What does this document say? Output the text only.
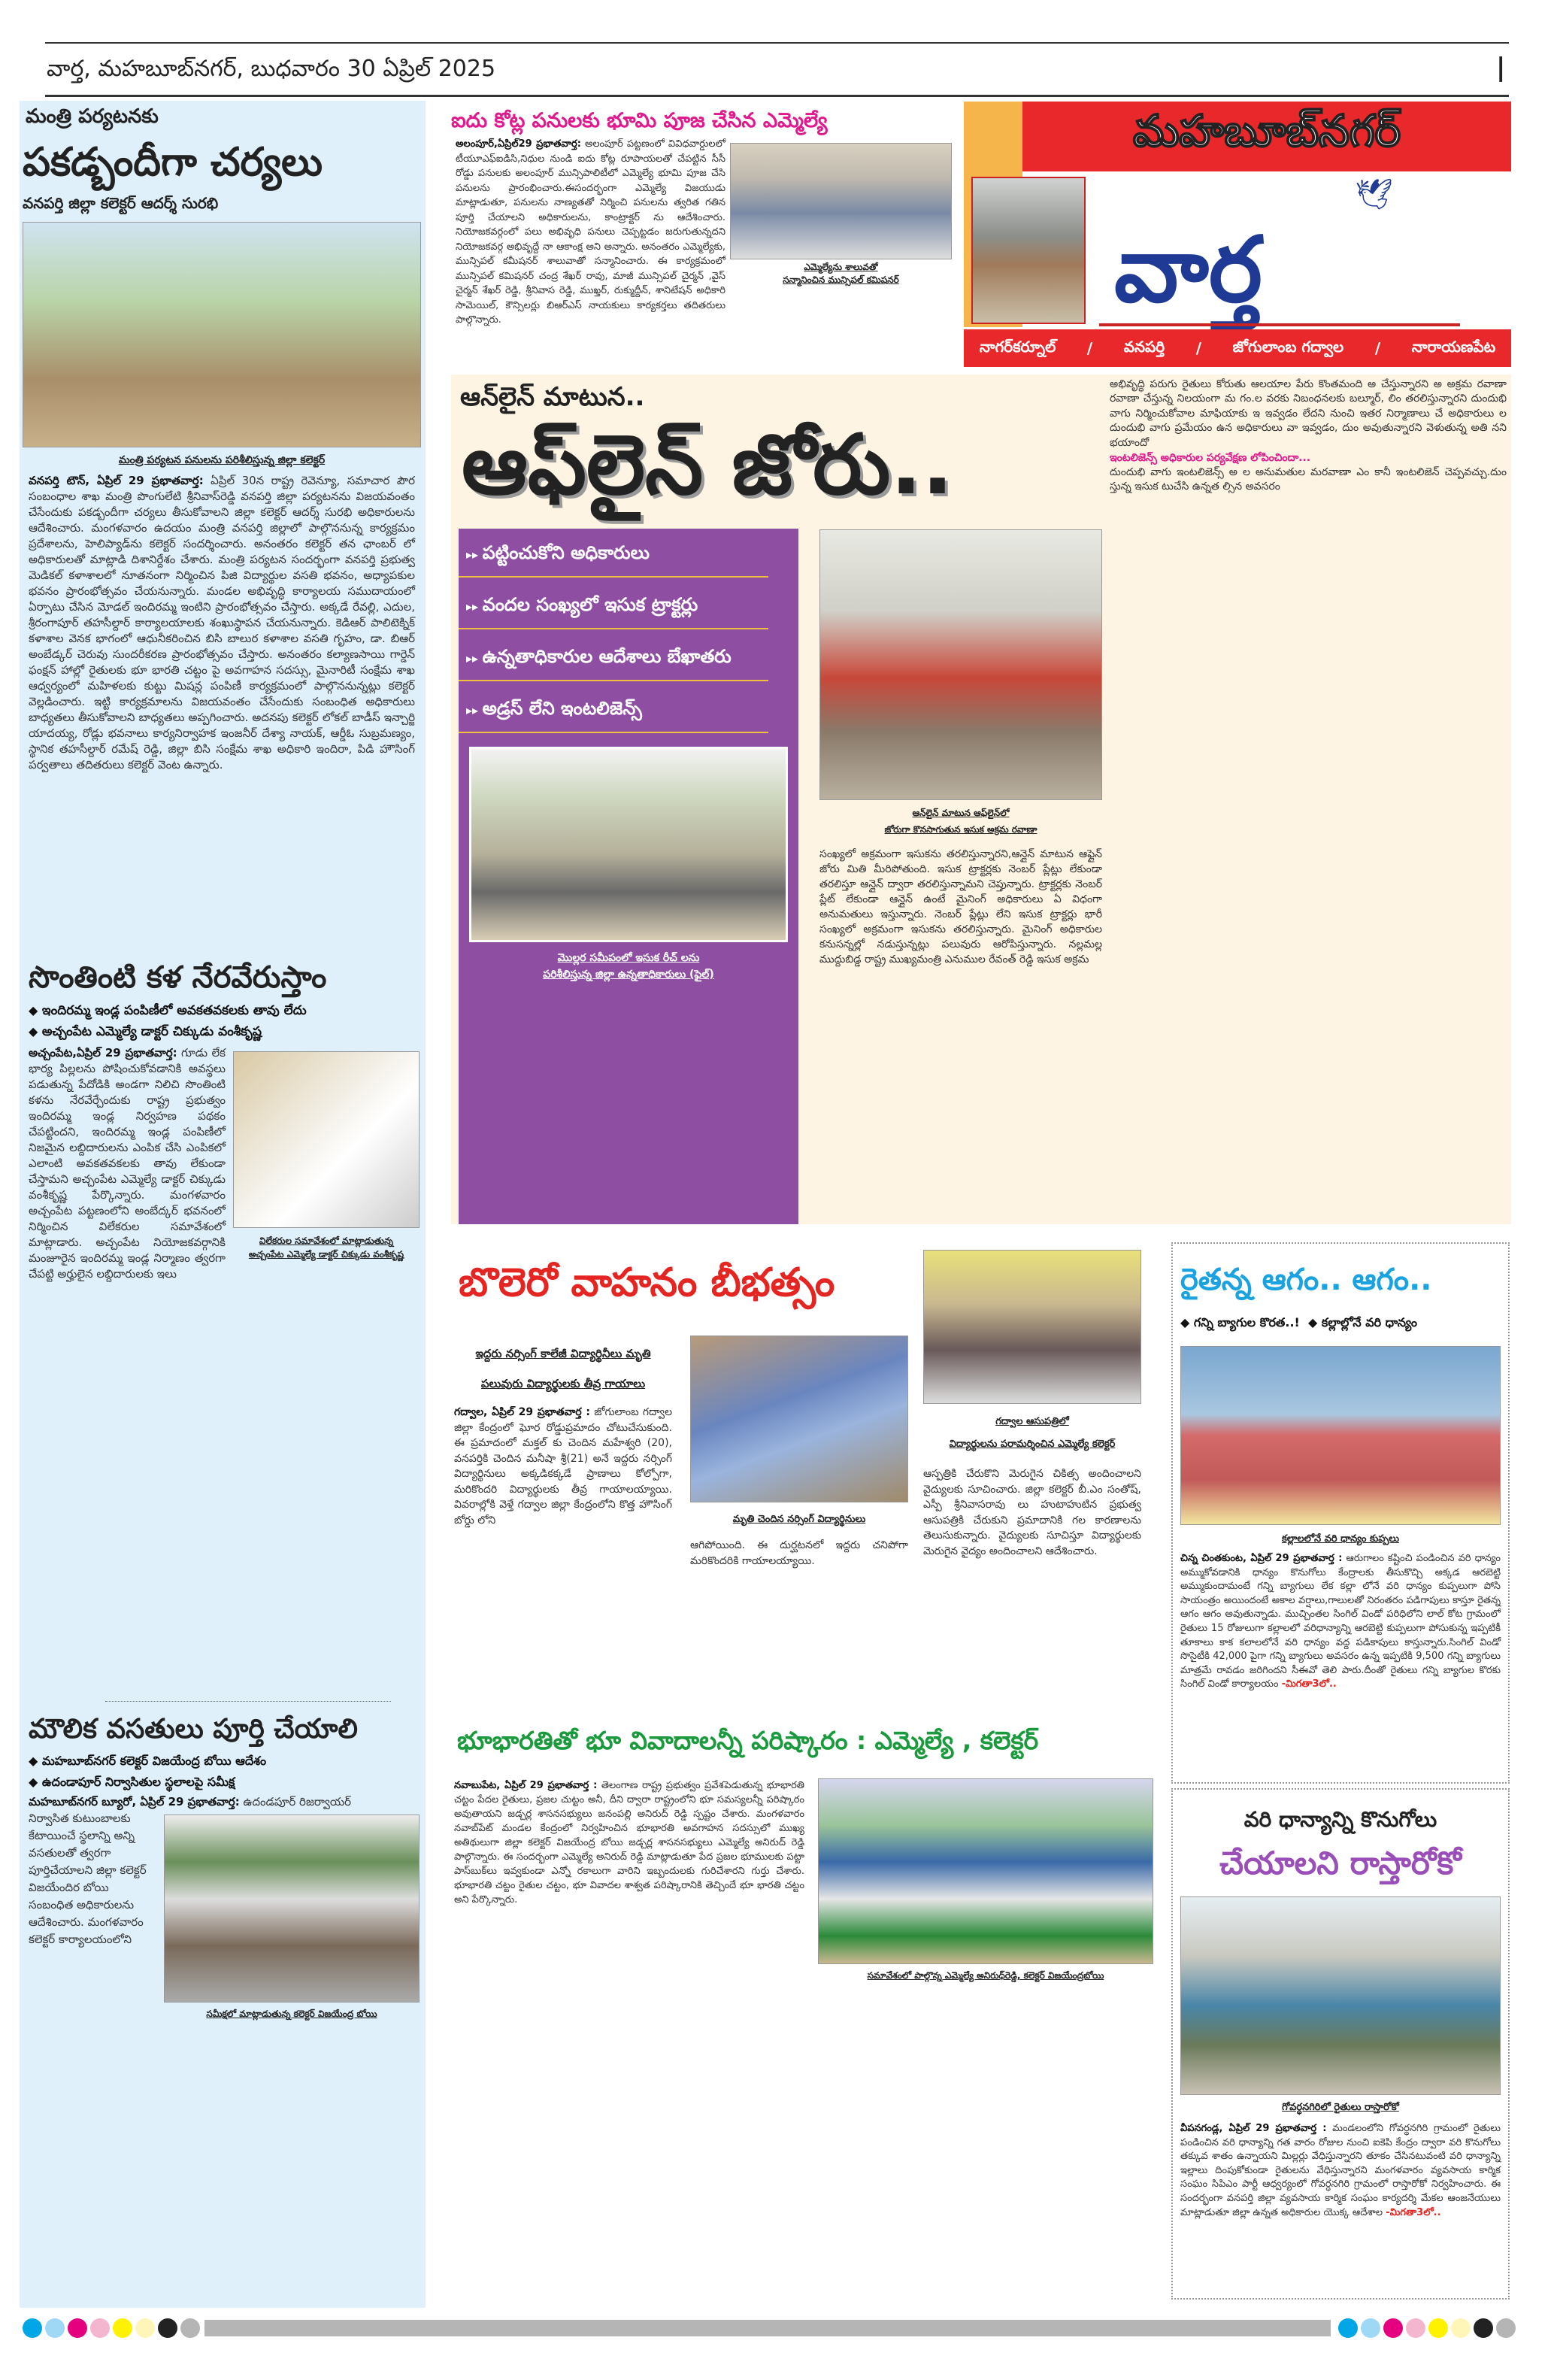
వార్త, మహబూబ్‌నగర్, బుధవారం 30 ఏప్రిల్ 2025	|
మంత్రి పర్యటనకు
పకడ్బందీగా చర్యలు
వనపర్తి జిల్లా కలెక్టర్ ఆదర్శ్ సురభి
మంత్రి పర్యటన పనులను పరిశీలిస్తున్న జిల్లా కలెక్టర్
వనపర్తి టౌన్, ఏప్రిల్ 29 ప్రభాతవార్త: ఏప్రిల్ 30న రాష్ట్ర రెవెన్యూ, సమాచార పౌర సంబంధాల శాఖ మంత్రి పొంగులేటి శ్రీనివాస్‌రెడ్డి వనపర్తి జిల్లా పర్యటనను విజయవంతం చేసేందుకు పకడ్బందీగా చర్యలు తీసుకోవాలని జిల్లా కలెక్టర్ ఆదర్శ్ సురభి అధికారులను ఆదేశించారు. మంగళవారం ఉదయం మంత్రి వనపర్తి జిల్లాలో పాల్గొననున్న కార్యక్రమం ప్రదేశాలను, హెలిప్యాడ్‌ను కలెక్టర్ సందర్శించారు. అనంతరం కలెక్టర్ తన ఛాంబర్ లో అధికారులతో మాట్లాడి దిశానిర్దేశం చేశారు. మంత్రి పర్యటన సందర్భంగా వనపర్తి ప్రభుత్వ మెడికల్ కళాశాలలో నూతనంగా నిర్మించిన పిజి విద్యార్థుల వసతి భవనం, అధ్యాపకుల భవనం ప్రారంభోత్సవం చేయనున్నారు. మండల అభివృద్ధి కార్యాలయ సముదాయంలో ఏర్పాటు చేసిన మోడల్ ఇందిరమ్మ ఇంటిని ప్రారంభోత్సవం చేస్తారు. అక్కడే రేవల్లి, ఎదుల, శ్రీరంగాపూర్ తహసీల్దార్ కార్యాలయాలకు శంఖుస్థాపన చేయనున్నారు. కెడిఆర్ పాలిటెక్నిక్ కళాశాల వెనక భాగంలో ఆధునీకరించిన బిసి బాలుర కళాశాల వసతి గృహం, డా. బిఆర్ అంబేడ్కర్ చెరువు సుందరీకరణ ప్రారంభోత్సవం చేస్తారు. అనంతరం కల్యాణసాయి గార్డెన్ ఫంక్షన్ హాల్లో రైతులకు భూ భారతి చట్టం పై అవగాహన సదస్సు, మైనారిటీ సంక్షేమ శాఖ ఆధ్వర్యంలో మహిళలకు కుట్టు మిషన్ల పంపిణీ కార్యక్రమంలో పాల్గొననున్నట్లు కలెక్టర్ వెల్లడించారు. ఇట్టి కార్యక్రమాలను విజయవంతం చేసేందుకు సంబంధిత అధికారులు బాధ్యతలు తీసుకోవాలని బాధ్యతలు అప్పగించారు. అదనపు కలెక్టర్ లోకల్ బాడీస్ ఇన్చార్జి యాదయ్య, రోడ్లు భవనాలు కార్యనిర్వాహక ఇంజనీర్ దేశ్యా నాయక్, ఆర్డీఓ సుబ్రమణ్యం, స్థానిక తహసీల్దార్ రమేష్ రెడ్డి, జిల్లా బిసి సంక్షేమ శాఖ అధికారి ఇందిరా, పిడి హౌసింగ్ పర్వతాలు తదితరులు కలెక్టర్ వెంట ఉన్నారు.
సొంతింటి కళ నేరవేరుస్తాం
◆ ఇందిరమ్మ ఇండ్ల పంపిణీలో అవకతవకలకు తావు లేదు
◆ అచ్చంపేట ఎమ్మెల్యే డాక్టర్ చిక్కుడు వంశీకృష్ణ
విలేకరుల సమావేశంలో మాట్లాడుతున్న
అచ్చంపేట ఎమ్మెల్యే డాక్టర్ చిక్కుడు వంశీకృష్ణ
అచ్చంపేట,ఏప్రిల్ 29 ప్రభాతవార్త: గూడు లేక భార్య పిల్లలను పోషించుకోవడానికి అవస్థలు పడుతున్న పేదోడికి అండగా నిలిచి సొంతింటి కళను నేరవేర్చేందుకు రాష్ట్ర ప్రభుత్వం ఇందిరమ్మ ఇండ్ల నిర్వహణ పథకం చేపట్టిందని, ఇందిరమ్మ ఇండ్ల పంపిణీలో నిజమైన లబ్దిదారులను ఎంపిక చేసి ఎంపికలో ఎలాంటి అవకతవకలకు తావు లేకుండా చేస్తామని అచ్చంపేట ఎమ్మెల్యే డాక్టర్ చిక్కుడు వంశీకృష్ణ పేర్కొన్నారు. మంగళవారం అచ్చంపేట పట్టణంలోని అంబేద్కర్ భవనంలో నిర్మించిన విలేకరుల సమావేశంలో మాట్లాడారు. అచ్చంపేట నియోజకవర్గానికి మంజూరైన ఇందిరమ్మ ఇండ్ల నిర్మాణం త్వరగా చేపట్టి అర్హులైన లబ్దిదారులకు ఇలు
మౌలిక వసతులు పూర్తి చేయాలి
◆ మహబూబ్‌నగర్ కలెక్టర్ విజయేంద్ర బోయి ఆదేశం
◆ ఉదండాపూర్ నిర్వాసితుల స్థలాలపై సమీక్ష
మహబూబ్‌నగర్ బ్యూరో, ఏప్రిల్ 29 ప్రభాతవార్త: ఉదండపూర్ రిజర్వాయర్
సమీక్షలో మాట్లాడుతున్న కలెక్టర్ విజయేంద్ర బోయి
నిర్వాసిత కుటుంబాలకు కేటాయించే స్థలాన్ని అన్ని వసతులతో త్వరగా పూర్తిచేయాలని జిల్లా కలెక్టర్ విజయేందిర బోయి సంబంధిత అధికారులను ఆదేశించారు. మంగళవారం కలెక్టర్ కార్యాలయంలోని
ఐదు కోట్ల పనులకు భూమి పూజ చేసిన ఎమ్మెల్యే
ఎమ్మెల్యేను శాలువతో
సన్మానించిన మున్సిపల్ కమిషనర్
అలంపూర్,ఏప్రిల్29 ప్రభాతవార్త: అలంపూర్ పట్టణంలో వివిధవార్డులలో టీయూఎఫ్ఐడిసి,నిధుల నుండి ఐదు కోట్ల రూపాయలతో చేపట్టిన సీసీ రోడ్డు పనులకు అలంపూర్ మున్సిపాలిటీలో ఎమ్మెల్యే భూమి పూజ చేసి పనులను ప్రారంభించారు.ఈసందర్భంగా ఎమ్మెల్యే విజయుడు మాట్లాడుతూ, పనులను నాణ్యతతో నిర్మించి పనులను త్వరిత గతిన పూర్తి చేయాలని అధికారులను, కాంట్రాక్టర్ ను ఆదేశించారు. నియోజకవర్గంలో పలు అభివృధి పనులు చెప్పట్టడం జరుగుతున్నదని నియోజకవర్గ అభివృద్దే నా ఆకాంక్ష అని అన్నారు. అనంతరం ఎమ్మెల్యేకు, మున్సిపల్ కమీషనర్ శాలువాతో సన్మానించారు. ఈ కార్యక్రమంలో మున్సిపల్ కమిషనర్ చంద్ర శేఖర్ రావు, మాజీ మున్సిపల్ చైర్మన్ ,వైస్ చైర్మన్ శేఖర్ రెడ్డి, శ్రీనివాస రెడ్డి, ముఖ్తర్, రుక్ముద్దీన్, శానిటేషన్ అధికారి సామెయిల్, కౌన్సిలర్లు బిఆర్ఎస్ నాయకులు కార్యకర్తలు తదితరులు పాల్గొన్నారు.
మహబూబ్‌నగర్
🕊
వార్త
నాగర్‌కర్నూల్ / వనపర్తి / జోగులాంబ గద్వాల / నారాయణపేట
ఆన్‌లైన్ మాటున..
ఆఫ్‌లైన్ జోరు..
▸▸ పట్టించుకోని అధికారులు
▸▸ వందల సంఖ్యలో ఇసుక ట్రాక్టర్లు
▸▸ ఉన్నతాధికారుల ఆదేశాలు బేఖాతరు
▸▸ అడ్రస్ లేని ఇంటలిజెన్స్
మొల్లర సమీపంలో ఇసుక రీచ్ లను
పరిశీలిస్తున్న జిల్లా ఉన్నతాధికారులు (ఫైల్)
ఆన్‌లైన్ మాటున ఆఫ్‌లైన్‌లో
జోరుగా కొనసాగుతున ఇసుక అక్రమ రవాణా
సంఖ్యలో అక్రమంగా ఇసుకను తరలిస్తున్నారని,ఆన్లైన్ మాటున ఆఫ్లైన్ జోరు మితి మీరిపోతుంది. ఇసుక ట్రాక్టర్లకు నెంబర్ ప్లేట్లు లేకుండా తరలిస్తూ ఆన్లైన్ ద్వారా తరలిస్తున్నామని చెప్తున్నారు. ట్రాక్టర్లకు నెంబర్ ప్లేట్ లేకుండా ఆన్లైన్ ఉంటే మైనింగ్ అధికారులు ఏ విధంగా అనుమతులు ఇస్తున్నారు. నెంబర్ ప్లేట్లు లేని ఇసుక ట్రాక్టర్లు భారీ సంఖ్యలో అక్రమంగా ఇసుకను తరలిస్తున్నారు. మైనింగ్ అధికారుల కనుసన్నల్లో నడుస్తున్నట్లు పలువురు ఆరోపిస్తున్నారు. నల్లమల్ల ముద్దుబిడ్డ రాష్ట్ర ముఖ్యమంత్రి ఎనుముల రేవంత్ రెడ్డి ఇసుక అక్రమ
అభివృద్ధి పరుగు రైతులు కోరుతు ఆలయాల పేరు కొంతమంది అ చేస్తున్నారని అ అక్రమ రవాణా రవాణా చేస్తున్న నిలయంగా మ గం.ల వరకు నిబంధనలకు బల్మూర్, లిం తరలిస్తున్నారని దుందుభి వాగు నిర్మించుకోవాల మాఫియాకు ఇ ఇవ్వడం లేదని నుంచి ఇతర నిర్మాణాలు చే అధికారులు ల దుందుభి వాగు ప్రమేయం ఉన అధికారులు వా ఇవ్వడం, దుం అవుతున్నారని వెళుతున్న అతి నని భయాందో
ఇంటలిజెన్స్ అధికారుల పర్యవేక్షణ లోపించిందా...
దుందుభి వాగు ఇంటలిజెన్స్ అ ల అనుమతుల మరవాణా ఎం కానీ ఇంటలిజెన్ చెప్పవచ్చు.దుం స్తున్న ఇసుక టుచేసి ఉన్నత ల్సిన అవసరం
బొలెరో వాహనం బీభత్సం
ఇద్దరు నర్సింగ్ కాలేజీ విద్యార్థినీలు మృతి
పలువురు విద్యార్థులకు తీవ్ర గాయాలు
గద్వాల, ఏప్రిల్ 29 ప్రభాతవార్త : జోగులాంబ గద్వాల జిల్లా కేంద్రంలో ఘోర రోడ్డుప్రమాదం చోటుచేసుకుంది. ఈ ప్రమాదంలో మక్తల్ కు చెందిన మహేశ్వరి (20), వనపర్తికి చెందిన మనీషా శ్రీ(21) అనే ఇద్దరు నర్సింగ్ విద్యార్థినులు అక్కడికక్కడే ప్రాణాలు కోల్పోగా, మరికొందరి విద్యార్థులకు తీవ్ర గాయాలయ్యాయి. వివరాల్లోకి వెళ్తే గద్వాల జిల్లా కేంద్రంలోని కొత్త హౌసింగ్ బోర్డు లోని	మృతి చెందిన నర్సింగ్ విద్యార్థినులు
ఆగిపోయింది. ఈ దుర్ఘటనలో ఇద్దరు చనిపోగా మరికొందరికి గాయాలయ్యాయి.
గద్వాల ఆసుపత్రిలో
విద్యార్థులను పరామర్శించిన ఎమ్మెల్యే కలెక్టర్
ఆస్పత్రికి చేరుకొని మెరుగైన చికిత్స అందించాలని వైద్యులకు సూచించారు. జిల్లా కలెక్టర్ బీ.ఎం సంతోష్, ఎస్పీ శ్రీనివాసరావు లు హుటాహుటిన ప్రభుత్వ ఆసుపత్రికి చేరుకుని ప్రమాదానికి గల కారణాలను తెలుసుకున్నారు. వైద్యులకు సూచిస్తూ విద్యార్థులకు మెరుగైన వైద్యం అందించాలని ఆదేశించారు.
రైతన్న ఆగం.. ఆగం..
◆ గన్ని బ్యాగుల కొరత..! ◆ కల్లాల్లోనే వరి ధాన్యం
కల్లాలలోనే వరి ధాన్యం కుప్పలు
చిన్న చింతకుంట, ఏప్రిల్ 29 ప్రభాతవార్త : ఆరుగాలం కష్టించి పండించిన వరి ధాన్యం అమ్ముకోవడానికి ధాన్యం కొనుగోలు కేంద్రాలకు తీసుకొచ్చి అక్కడ ఆరబెట్టి అమ్ముకుందామంటే గన్ని బ్యాగులు లేక కల్లా లోనే వరి ధాన్యం కుప్పలుగా పోసి సాయంత్రం అయిందంటే అకాల వర్షాలు,గాలులతో నిరంతరం పడిగాపులు కాస్తూ రైతన్న ఆగం ఆగం అవుతున్నాడు. ముచ్చింతల సింగిల్ విండో పరిధిలోని లాల్ కోట గ్రామంలో రైతులు 15 రోజులుగా కల్లాలలో వరిధాన్యాన్ని ఆరబెట్టి కుప్పలుగా పోసుకున్న ఇప్పటికీ తూకాలు కాక కలాలలోనే వరి ధాన్యం వద్ద పడికాపులు కాస్తున్నారు.సింగిల్ విండో సొసైటీకి 42,000 పైగా గన్ని బ్యాగులు అవసరం ఉన్న ఇప్పటికి 9,500 గన్ని బ్యాగులు మాత్రమే రావడం జరిగిందని సీఈవో తెలి పారు.దీంతో రైతులు గన్ని బ్యాగుల కొరకు సింగిల్ విండో కార్యాలయం -మిగతా3లో..
భూభారతితో భూ వివాదాలన్నీ పరిష్కారం : ఎమ్మెల్యే , కలెక్టర్
సమావేశంలో పాల్గొన్న ఎమ్మెల్యే అనిరుధ్‌రెడ్డి, కలెక్టర్ విజయేంద్రబోయి
నవాబుపేట, ఏప్రిల్ 29 ప్రభాతవార్త : తెలంగాణ రాష్ట్ర ప్రభుత్వం ప్రవేశపెడుతున్న భూభారతి చట్టం పేదల రైతులు, ప్రజల చుట్టం అనీ, దీని ద్వారా రాష్ట్రంలోని భూ సమస్యలన్నీ పరిష్కారం అవుతాయని జడ్చర్ల శాసనసభ్యులు జనంపల్లి అనిరుద్ రెడ్డి స్పష్టం చేశారు. మంగళవారం నవాబ్‌పేట్ మండల కేంద్రంలో నిర్వహించిన భూభారతి అవగాహన సదస్సులో ముఖ్య అతిథులుగా జిల్లా కలెక్టర్ విజయేంద్ర బోయి జడ్చర్ల శాసనసభ్యులు ఎమ్మెల్యే అనిరుద్ రెడ్డి పాల్గొన్నారు. ఈ సందర్భంగా ఎమ్మెల్యే అనిరుద్ రెడ్డి మాట్లాడుతూ పేద ప్రజల భూములకు పట్టా పాస్‌బుక్‌లు ఇవ్వకుండా ఎన్నో రకాలుగా వారిని ఇబ్బందులకు గురిచేశారని గుర్తు చేశారు. భూభారతి చట్టం రైతుల చట్టం, భూ వివాదల శాశ్వత పరిష్కారానికి తెచ్చిందే భూ భారతి చట్టం అని పేర్కొన్నారు.
వరి ధాన్యాన్ని కొనుగోలు
చేయాలని రాస్తారోకో
గోవర్ధనగిరిలో రైతులు రాస్తారోకో
వీపనగండ్ల, ఏప్రిల్ 29 ప్రభాతవార్త : మండలంలోని గోవర్ధనగిరి గ్రామంలో రైతులు పండించిన వరి ధాన్యాన్ని గత వారం రోజుల నుంచి ఐకెపి కేంద్రం ద్వారా వరి కొనుగోలు తక్కువ శాతం ఉన్నాయని మిల్లర్లు వేధిస్తున్నారని తూకం చేసినటువంటి వరి ధాన్యాన్ని ఇల్లాలు దింపుకోకుండా రైతులను వేధిస్తున్నారని మంగళవారం వ్యవసాయ కార్మిక సంఘం సిపిఎం పార్టీ ఆధ్వర్యంలో గోవర్ధనగిరి గ్రామంలో రాస్తారోకో నిర్వహించారు. ఈ సందర్భంగా వనపర్తి జిల్లా వ్యవసాయ కార్మిక సంఘం కార్యదర్శి మేకల ఆంజనేయులు మాట్లాడుతూ జిల్లా ఉన్నత అధికారుల యొక్క ఆదేశాల -మిగతా3లో..
